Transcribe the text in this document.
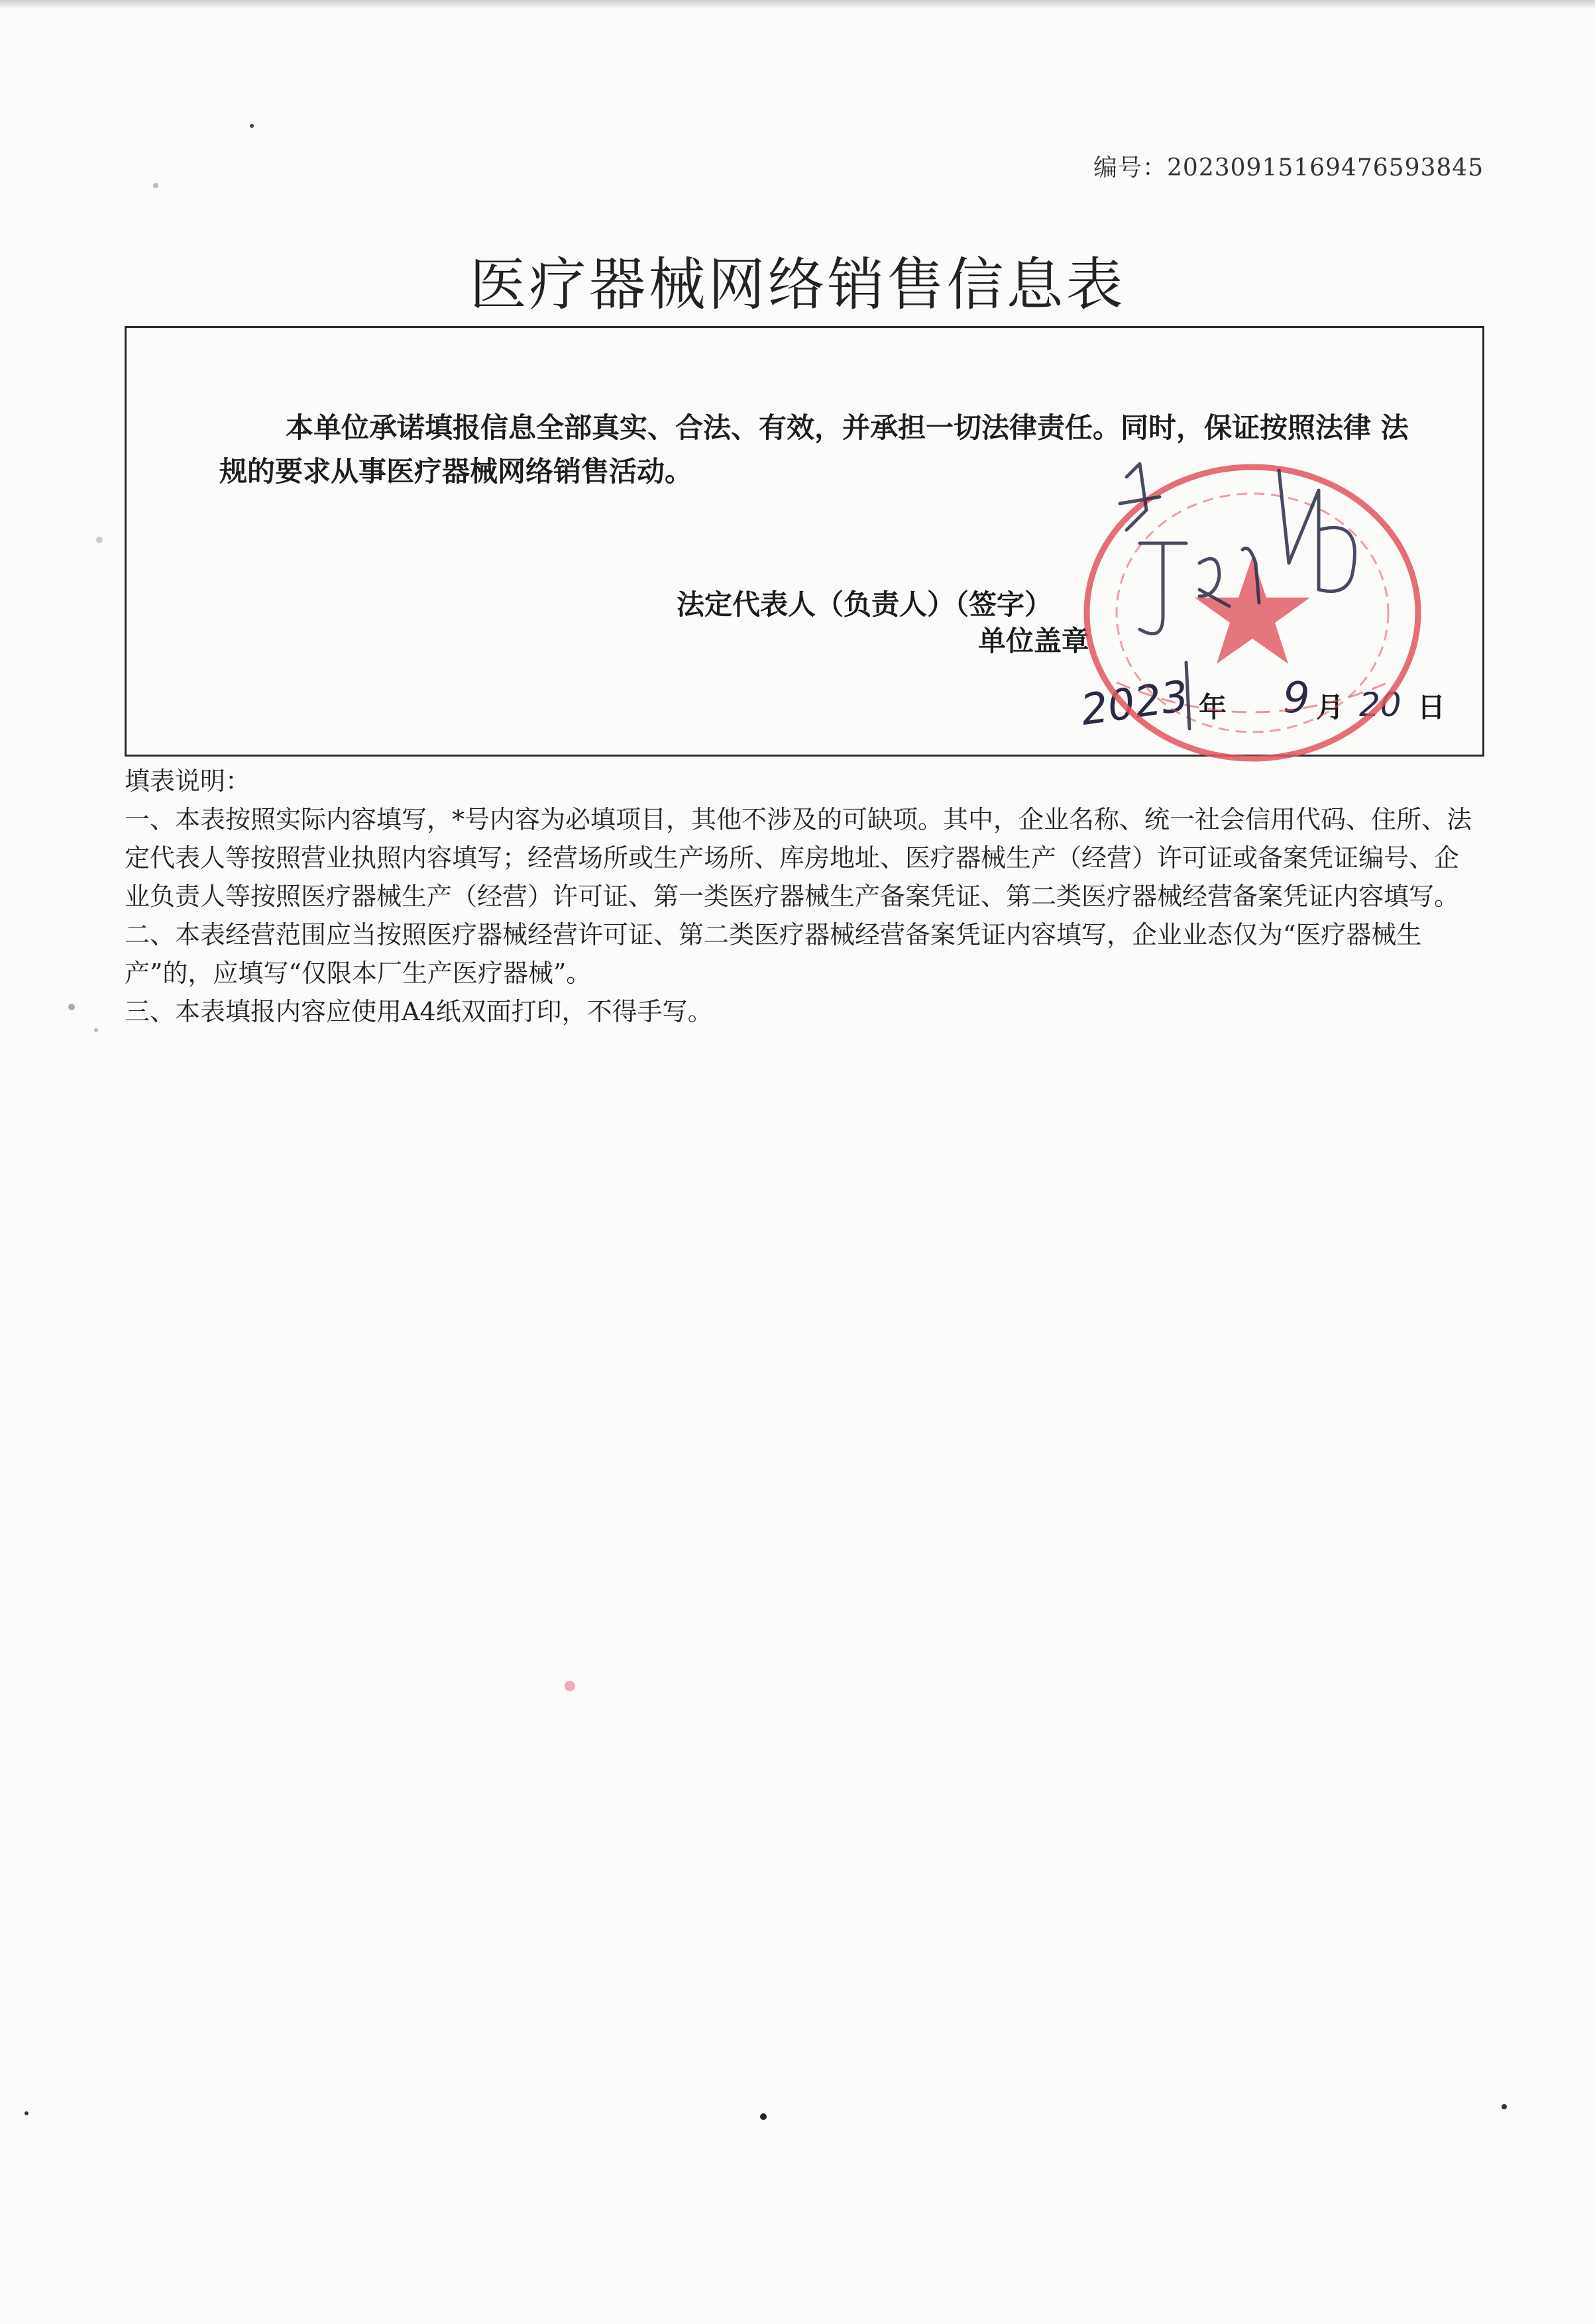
编号：20230915169476593845
医疗器械网络销售信息表
本单位承诺填报信息全部真实、合法、有效，并承担一切法律责任。同时，保证按照法律 法规的要求从事医疗器械网络销售活动。
法定代表人（负责人）（签字）
单位盖章
2023 年 9 20 日
月

填表说明：

一、本表按照实际内容填写，*号内容为必填项目，其他不涉及的可缺项。其中，企业名称、统一社会信用代码、住所、法定代表人等按照营业执照内容填写；经营场所或生产场所、库房地址、医疗器械生产（经营）许可证或备案凭证编号、企业负责人等按照医疗器械生产（经营）许可证、第一类医疗器械生产备案凭证、第二类医疗器械经营备案凭证内容填写。

二、本表经营范围应当按照医疗器械经营许可证、第二类医疗器械经营备案凭证内容填写，企业业态仅为“医疗器械生产”的，应填写“仅限本厂生产医疗器械”。

三、本表填报内容应使用A4纸双面打印，不得手写。
